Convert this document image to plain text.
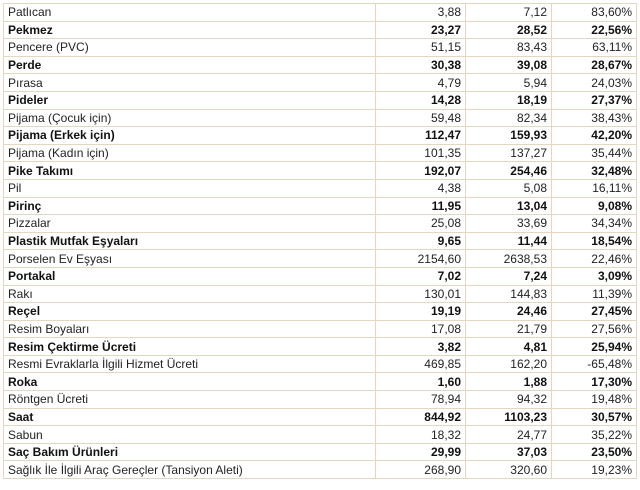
Patlıcan	3,88	7,12	83,60%
Pekmez	23,27	28,52	22,56%
Pencere (PVC)	51,15	83,43	63,11%
Perde	30,38	39,08	28,67%
Pırasa	4,79	5,94	24,03%
Pideler	14,28	18,19	27,37%
Pijama (Çocuk için)	59,48	82,34	38,43%
Pijama (Erkek için)	112,47	159,93	42,20%
Pijama (Kadın için)	101,35	137,27	35,44%
Pike Takımı	192,07	254,46	32,48%
Pil	4,38	5,08	16,11%
Pirinç	11,95	13,04	9,08%
Pizzalar	25,08	33,69	34,34%
Plastik Mutfak Eşyaları	9,65	11,44	18,54%
Porselen Ev Eşyası	2154,60	2638,53	22,46%
Portakal	7,02	7,24	3,09%
Rakı	130,01	144,83	11,39%
Reçel	19,19	24,46	27,45%
Resim Boyaları	17,08	21,79	27,56%
Resim Çektirme Ücreti	3,82	4,81	25,94%
Resmi Evraklarla İlgili Hizmet Ücreti	469,85	162,20	-65,48%
Roka	1,60	1,88	17,30%
Röntgen Ücreti	78,94	94,32	19,48%
Saat	844,92	1103,23	30,57%
Sabun	18,32	24,77	35,22%
Saç Bakım Ürünleri	29,99	37,03	23,50%
Sağlık İle İlgili Araç Gereçler (Tansiyon Aleti)	268,90	320,60	19,23%
